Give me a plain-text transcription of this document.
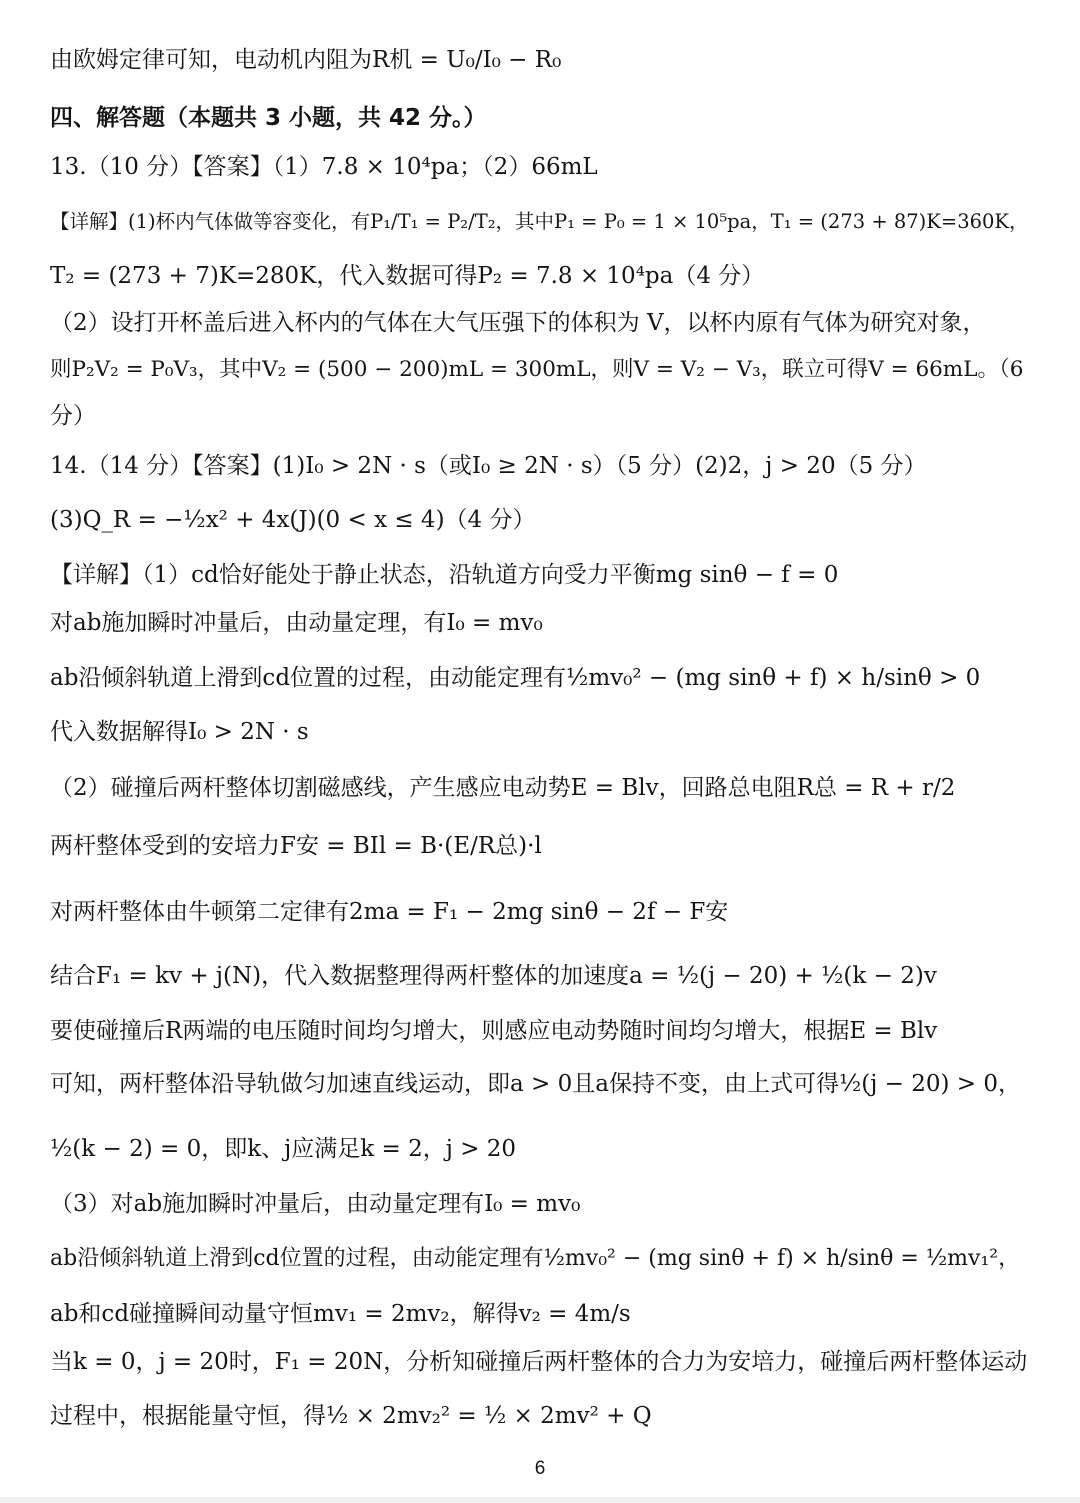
由欧姆定律可知，电动机内阻为R机 = U₀/I₀ − R₀
四、解答题（本题共 3 小题，共 42 分。）
13.（10 分）【答案】（1）7.8 × 10⁴pa；（2）66mL
【详解】(1)杯内气体做等容变化，有P₁/T₁ = P₂/T₂，其中P₁ = P₀ = 1 × 10⁵pa，T₁ = (273 + 87)K=360K，
T₂ = (273 + 7)K=280K，代入数据可得P₂ = 7.8 × 10⁴pa（4 分）
（2）设打开杯盖后进入杯内的气体在大气压强下的体积为 V，以杯内原有气体为研究对象，
则P₂V₂ = P₀V₃，其中V₂ = (500 − 200)mL = 300mL，则V = V₂ − V₃，联立可得V = 66mL。（6
分）
14.（14 分）【答案】(1)I₀ > 2N · s（或I₀ ≥ 2N · s）（5 分）(2)2，j > 20（5 分）
(3)Q_R = −½x² + 4x(J)(0 < x ≤ 4)（4 分）
【详解】（1）cd恰好能处于静止状态，沿轨道方向受力平衡mg sinθ − f = 0
对ab施加瞬时冲量后，由动量定理，有I₀ = mv₀
ab沿倾斜轨道上滑到cd位置的过程，由动能定理有½mv₀² − (mg sinθ + f) × h/sinθ > 0
代入数据解得I₀ > 2N · s
（2）碰撞后两杆整体切割磁感线，产生感应电动势E = Blv，回路总电阻R总 = R + r/2
两杆整体受到的安培力F安 = BIl = B·(E/R总)·l
对两杆整体由牛顿第二定律有2ma = F₁ − 2mg sinθ − 2f − F安
结合F₁ = kv + j(N)，代入数据整理得两杆整体的加速度a = ½(j − 20) + ½(k − 2)v
要使碰撞后R两端的电压随时间均匀增大，则感应电动势随时间均匀增大，根据E = Blv
可知，两杆整体沿导轨做匀加速直线运动，即a > 0且a保持不变，由上式可得½(j − 20) > 0，
½(k − 2) = 0，即k、j应满足k = 2，j > 20
（3）对ab施加瞬时冲量后，由动量定理有I₀ = mv₀
ab沿倾斜轨道上滑到cd位置的过程，由动能定理有½mv₀² − (mg sinθ + f) × h/sinθ = ½mv₁²，
ab和cd碰撞瞬间动量守恒mv₁ = 2mv₂，解得v₂ = 4m/s
当k = 0，j = 20时，F₁ = 20N，分析知碰撞后两杆整体的合力为安培力，碰撞后两杆整体运动
过程中，根据能量守恒，得½ × 2mv₂² = ½ × 2mv² + Q
6
